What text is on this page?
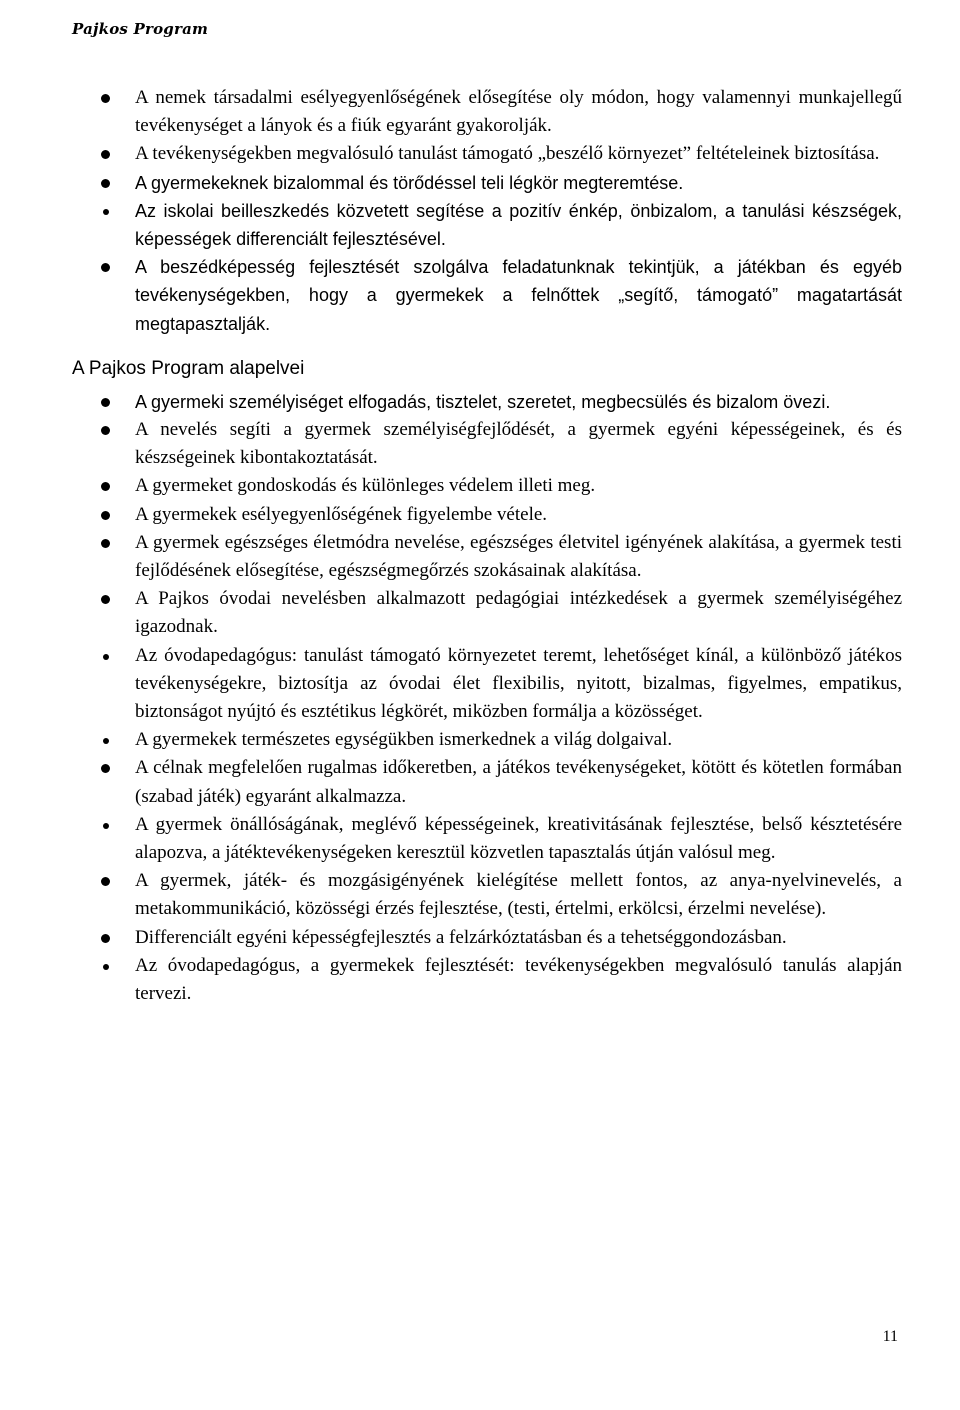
Pajkos Program
A nemek társadalmi esélyegyenlőségének elősegítése oly módon, hogy valamennyi munkajellegű tevékenységet a lányok és a fiúk egyaránt gyakorolják.
A tevékenységekben megvalósuló tanulást támogató „beszélő környezet” feltételeinek biztosítása.
A gyermekeknek bizalommal és törődéssel teli légkör megteremtése.
Az iskolai beilleszkedés közvetett segítése a pozitív énkép, önbizalom, a tanulási készségek, képességek differenciált fejlesztésével.
A beszédképesség fejlesztését szolgálva feladatunknak tekintjük, a játékban és egyéb tevékenységekben, hogy a gyermekek a felnőttek „segítő, támogató” magatartását megtapasztalják.
A Pajkos Program alapelvei
A gyermeki személyiséget elfogadás, tisztelet, szeretet, megbecsülés és bizalom övezi.
A nevelés segíti a gyermek személyiségfejlődését, a gyermek egyéni képességeinek, és és készségeinek kibontakoztatását.
A gyermeket gondoskodás és különleges védelem illeti meg.
A gyermekek esélyegyenlőségének figyelembe vétele.
A gyermek egészséges életmódra nevelése, egészséges életvitel igényének alakítása, a gyermek testi fejlődésének elősegítése, egészségmegőrzés szokásainak alakítása.
A Pajkos óvodai nevelésben alkalmazott pedagógiai intézkedések a gyermek személyiségéhez igazodnak.
Az óvodapedagógus: tanulást támogató környezetet teremt, lehetőséget kínál, a különböző játékos tevékenységekre, biztosítja az óvodai élet flexibilis, nyitott, bizalmas, figyelmes, empatikus, biztonságot nyújtó és esztétikus légkörét, miközben formálja a közösséget.
A gyermekek természetes egységükben ismerkednek a világ dolgaival.
A célnak megfelelően rugalmas időkeretben, a játékos tevékenységeket, kötött és kötetlen formában (szabad játék) egyaránt alkalmazza.
A gyermek önállóságának, meglévő képességeinek, kreativitásának fejlesztése, belső késztetésére alapozva, a játéktevékenységeken keresztül közvetlen tapasztalás útján valósul meg.
A gyermek, játék- és mozgásigényének kielégítése mellett fontos, az anya-nyelvinevelés, a metakommunikáció, közösségi érzés fejlesztése, (testi, értelmi, erkölcsi, érzelmi nevelése).
Differenciált egyéni képességfejlesztés a felzárkóztatásban és a tehetséggondozásban.
Az óvodapedagógus, a gyermekek fejlesztését: tevékenységekben megvalósuló tanulás alapján tervezi.
11
